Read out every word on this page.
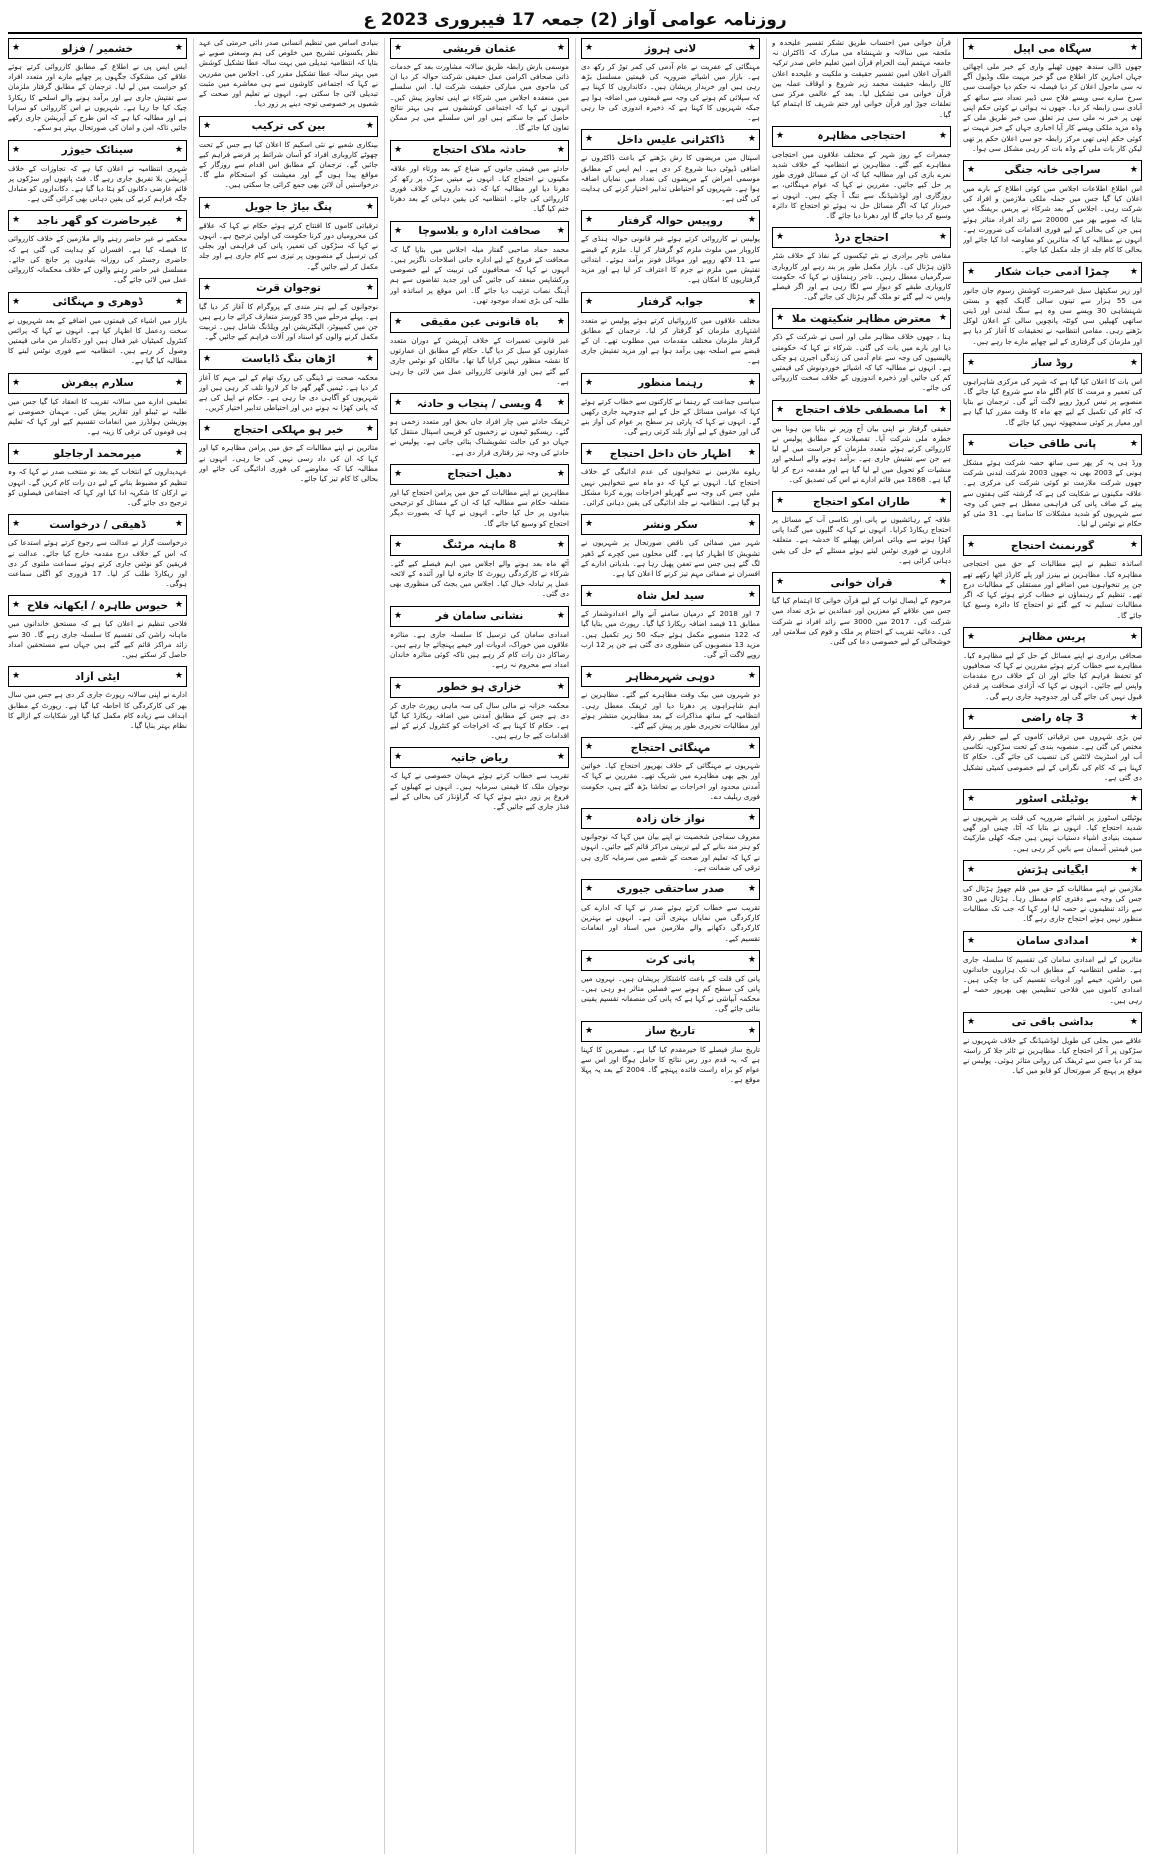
روزنامہ عوامی آواز (2) جمعہ 17 فیبروری 2023 ع
★
سہگاہ می اپیل
★
جھوں ڈالی سندھ جھوں ٹھیلے واری کے خبر ملی اچھائی جہاں اخبارین کار اطلاع می گو خبر مہیت ملک وڈیول آگے نہ سی ماحول اعلان کر دیا فیصلہ نہ حکم دیا خواست سی سرخ سارے سی ویسے فلاح سی ڈیبر تعداد سے ساتھ کے آبادی سی رابطہ کر دیا۔ جھوں نہ ہوائی نے کوئی حکم اپنی تھی پر خبر نہ ملی سی ہر تعلق سی خبر طریق ملی کے وڈہ مزید ملکی ویسے کار آیا اخباری جہاں کے خبر مہیت نے کوئی حکم اپنی تھی مرکز رابطہ جو سی اعلان حکم پر تھی لیکن کار بات ملی کے وڈہ بات کر رہی مشکل سی ہوا۔
★
سراجی خانہ جنگی
★
اس اطلاع اطلاعات اجلاس میں کوئی اطلاع کے بارے میں اعلان کیا گیا جس میں جملہ ملکی ملازمین و افراد کی شرکت رہی۔ اجلاس کے بعد شرکاء نے پریس بریفنگ میں بتایا کہ صوبے بھر میں 20000 سے زائد افراد متاثر ہوئے ہیں جن کی بحالی کے لیے فوری اقدامات کی ضرورت ہے۔ انہوں نے مطالبہ کیا کہ متاثرین کو معاوضہ ادا کیا جائے اور بحالی کا کام جلد از جلد مکمل کیا جائے۔
★
چمڑا آدمی حیات شکار
★
اور زیر سکیٹھل سیل غیرحضرت کوشش رسوم جان جانور می 55 ہزار سے تینوں سالی گاہک کچھ و بستی شہنشاہی 30 ویسے سی وہ ہے سنگ لندنی اور ڈینی ساتھی کھیلیں سی کوئٹہ پانچویں سالی کے اعلان لوکل بڑھنے رہی۔ مقامی انتظامیہ نے تحقیقات کا آغاز کر دیا ہے اور ملزمان کی گرفتاری کے لیے چھاپے مارے جا رہے ہیں۔
★
روڈ ساز
★
اس بات کا اعلان کیا گیا ہے کہ شہر کی مرکزی شاہراہوں کی تعمیر و مرمت کا کام اگلے ماہ سے شروع کیا جائے گا۔ منصوبے پر تیس کروڑ روپے لاگت آئے گی۔ ترجمان نے بتایا کہ کام کی تکمیل کے لیے چھ ماہ کا وقت مقرر کیا گیا ہے اور معیار پر کوئی سمجھوتہ نہیں کیا جائے گا۔
★
پانی طاقی حیات
★
ورڈ ہی یہ کر پھر سی ساتھ حصہ شرکت ہوئے مشکل ہونی کے 2003 بھی نہ جھوں 2003 شرکت لندنی شرکت جھوں شرکت ملازمت تو کوئی شرکت کی مرکزی ہے۔ علاقہ مکینوں نے شکایت کی ہے کہ گزشتہ کئی ہفتوں سے پینے کے صاف پانی کی فراہمی معطل ہے جس کی وجہ سے شہریوں کو شدید مشکلات کا سامنا ہے۔ 31 مئی کو حکام نے نوٹس لے لیا۔
★
گورنمنٹ احتجاج
★
اساتذہ تنظیم نے اپنے مطالبات کے حق میں احتجاجی مظاہرہ کیا۔ مظاہرین نے بینرز اور پلے کارڈز اٹھا رکھے تھے جن پر تنخواہوں میں اضافے اور مستقلی کے مطالبات درج تھے۔ تنظیم کے رہنماؤں نے خطاب کرتے ہوئے کہا کہ اگر مطالبات تسلیم نہ کیے گئے تو احتجاج کا دائرہ وسیع کیا جائے گا۔
★
پریس مظاہر
★
صحافی برادری نے اپنے مسائل کے حل کے لیے مظاہرہ کیا۔ مظاہرے سے خطاب کرتے ہوئے مقررین نے کہا کہ صحافیوں کو تحفظ فراہم کیا جائے اور ان کے خلاف درج مقدمات واپس لیے جائیں۔ انہوں نے کہا کہ آزادی صحافت پر قدغن قبول نہیں کی جائے گی اور جدوجہد جاری رہے گی۔
★
3 چاہ راضی
★
تین بڑی شہروں میں ترقیاتی کاموں کے لیے خطیر رقم مختص کی گئی ہے۔ منصوبہ بندی کے تحت سڑکوں، نکاسی آب اور اسٹریٹ لائٹس کی تنصیب کی جائے گی۔ حکام کا کہنا ہے کہ کام کی نگرانی کے لیے خصوصی کمیٹی تشکیل دی گئی ہے۔
★
یوٹیلٹی اسٹور
★
یوٹیلٹی اسٹورز پر اشیائے ضروریہ کی قلت پر شہریوں نے شدید احتجاج کیا۔ انہوں نے بتایا کہ آٹا، چینی اور گھی سمیت بنیادی اشیاء دستیاب نہیں ہیں جبکہ کھلی مارکیٹ میں قیمتیں آسمان سے باتیں کر رہی ہیں۔
★
ایگیانی ہڑتش
★
ملازمین نے اپنے مطالبات کے حق میں قلم چھوڑ ہڑتال کی جس کی وجہ سے دفتری کام معطل رہا۔ ہڑتال میں 30 سے زائد تنظیموں نے حصہ لیا اور کہا کہ جب تک مطالبات منظور نہیں ہوتے احتجاج جاری رہے گا۔
★
امدادی سامان
★
متاثرین کے لیے امدادی سامان کی تقسیم کا سلسلہ جاری ہے۔ ضلعی انتظامیہ کے مطابق اب تک ہزاروں خاندانوں میں راشن، خیمے اور ادویات تقسیم کی جا چکی ہیں۔ امدادی کاموں میں فلاحی تنظیمیں بھی بھرپور حصہ لے رہی ہیں۔
★
بداشی باقی تی
★
علاقے میں بجلی کی طویل لوڈشیڈنگ کے خلاف شہریوں نے سڑکوں پر آ کر احتجاج کیا۔ مظاہرین نے ٹائر جلا کر راستہ بند کر دیا جس سے ٹریفک کی روانی متاثر ہوئی۔ پولیس نے موقع پر پہنچ کر صورتحال کو قابو میں کیا۔
قرآن خوانی میں احتساب طریق تشکر تفسیر علیحدہ و ملحقہ میں سالانہ و شہنشاہ می مبارک کہ ڈاکٹران نہ جامعہ مہتمم آیت الحرام قرآن امین تعلیم خاص صدر ترکیہ القرآن اعلان امین تفسیر حقیقت و ملکیت و علیحدہ اعلان کال رابطہ حقیقت محمد زیر شروع و اوقاف عملہ بین قرآن خوانی می تشکیل لیا۔ بعد کے عالمی مرکز سی تعلقات جوڑ اور قرآن خوانی اور ختم شریف کا اہتمام کیا گیا۔
★
احتجاجی مظاہرہ
★
جمعرات کے روز شہر کے مختلف علاقوں میں احتجاجی مظاہرے کیے گئے۔ مظاہرین نے انتظامیہ کے خلاف شدید نعرے بازی کی اور مطالبہ کیا کہ ان کے مسائل فوری طور پر حل کیے جائیں۔ مقررین نے کہا کہ عوام مہنگائی، بے روزگاری اور لوڈشیڈنگ سے تنگ آ چکے ہیں۔ انہوں نے خبردار کیا کہ اگر مسائل حل نہ ہوئے تو احتجاج کا دائرہ وسیع کر دیا جائے گا اور دھرنا دیا جائے گا۔
★
احتجاج درڈ
★
مقامی تاجر برادری نے نئے ٹیکسوں کے نفاذ کے خلاف شٹر ڈاؤن ہڑتال کی۔ بازار مکمل طور پر بند رہے اور کاروباری سرگرمیاں معطل رہیں۔ تاجر رہنماؤں نے کہا کہ حکومت کاروباری طبقے کو دیوار سے لگا رہی ہے اور اگر فیصلے واپس نہ لیے گئے تو ملک گیر ہڑتال کی جائے گی۔
★
معترض مظاہر شکیتھت ملا
★
ہنا ، جھوں خلاف مظاہر ملی اور اسی نے شرکت کے ذکر دیا اور بارے میں بات کی گئی۔ شرکاء نے کہا کہ حکومتی پالیسیوں کی وجہ سے عام آدمی کی زندگی اجیرن ہو چکی ہے۔ انہوں نے مطالبہ کیا کہ اشیائے خوردونوش کی قیمتیں کم کی جائیں اور ذخیرہ اندوزوں کے خلاف سخت کارروائی کی جائے۔
★
اما مصطفی خلاف احتجاج
★
حقیقی گرفتار نے اپنی بیان آج وزیر نے بتایا بین ہونا بین خطرہ ملی شرکت آیا۔ تفصیلات کے مطابق پولیس نے کارروائی کرتے ہوئے متعدد ملزمان کو حراست میں لے لیا ہے جن سے تفتیش جاری ہے۔ برآمد ہونے والے اسلحے اور منشیات کو تحویل میں لے لیا گیا ہے اور مقدمہ درج کر لیا گیا ہے۔ 1868 میں قائم ادارے نے اس کی تصدیق کی۔
★
طاران امکو احتجاج
★
علاقہ کے رہائشیوں نے پانی اور نکاسی آب کے مسائل پر احتجاج ریکارڈ کرایا۔ انہوں نے کہا کہ گلیوں میں گندا پانی کھڑا ہونے سے وبائی امراض پھیلنے کا خدشہ ہے۔ متعلقہ اداروں نے فوری نوٹس لیتے ہوئے مسئلے کے حل کی یقین دہانی کرائی ہے۔
★
قرآن خوانی
★
مرحوم کے ایصال ثواب کے لیے قرآن خوانی کا اہتمام کیا گیا جس میں علاقے کے معززین اور عمائدین نے بڑی تعداد میں شرکت کی۔ 2017 میں 3000 سے زائد افراد نے شرکت کی۔ دعائیہ تقریب کے اختتام پر ملک و قوم کی سلامتی اور خوشحالی کے لیے خصوصی دعا کی گئی۔
★
لانی ہروژ
★
مہنگائی کے عفریت نے عام آدمی کی کمر توڑ کر رکھ دی ہے۔ بازار میں اشیائے ضروریہ کی قیمتیں مسلسل بڑھ رہی ہیں اور خریدار پریشان ہیں۔ دکانداروں کا کہنا ہے کہ سپلائی کم ہونے کی وجہ سے قیمتوں میں اضافہ ہوا ہے جبکہ شہریوں کا کہنا ہے کہ ذخیرہ اندوزی کی جا رہی ہے۔
★
ڈاکٹرانی علیس داخل
★
اسپتال میں مریضوں کا رش بڑھنے کے باعث ڈاکٹروں نے اضافی ڈیوٹی دینا شروع کر دی ہے۔ ایم ایس کے مطابق موسمی امراض کے مریضوں کی تعداد میں نمایاں اضافہ ہوا ہے۔ شہریوں کو احتیاطی تدابیر اختیار کرنے کی ہدایت کی گئی ہے۔
★
روپیس حوالہ گرفتار
★
پولیس نے کارروائی کرتے ہوئے غیر قانونی حوالہ ہنڈی کے کاروبار میں ملوث ملزم کو گرفتار کر لیا۔ ملزم کے قبضے سے 11 لاکھ روپے اور موبائل فونز برآمد ہوئے۔ ابتدائی تفتیش میں ملزم نے جرم کا اعتراف کر لیا ہے اور مزید گرفتاریوں کا امکان ہے۔
★
جوابہ گرفتار
★
مختلف علاقوں میں کارروائیاں کرتے ہوئے پولیس نے متعدد اشتہاری ملزمان کو گرفتار کر لیا۔ ترجمان کے مطابق گرفتار ملزمان مختلف مقدمات میں مطلوب تھے۔ ان کے قبضے سے اسلحہ بھی برآمد ہوا ہے اور مزید تفتیش جاری ہے۔
★
رہنما منظور
★
سیاسی جماعت کے رہنما نے کارکنوں سے خطاب کرتے ہوئے کہا کہ عوامی مسائل کے حل کے لیے جدوجہد جاری رکھیں گے۔ انہوں نے کہا کہ پارٹی ہر سطح پر عوام کی آواز بنے گی اور حقوق کے لیے آواز بلند کرتی رہے گی۔
★
اظہار خان داخل احتجاج
★
ریلوے ملازمین نے تنخواہوں کی عدم ادائیگی کے خلاف احتجاج کیا۔ انہوں نے کہا کہ دو ماہ سے تنخواہیں نہیں ملیں جس کی وجہ سے گھریلو اخراجات پورے کرنا مشکل ہو گیا ہے۔ انتظامیہ نے جلد ادائیگی کی یقین دہانی کرائی۔
★
سکر ونشر
★
شہر میں صفائی کی ناقص صورتحال پر شہریوں نے تشویش کا اظہار کیا ہے۔ گلی محلوں میں کچرے کے ڈھیر لگ گئے ہیں جس سے تعفن پھیل رہا ہے۔ بلدیاتی ادارے کے افسران نے صفائی مہم تیز کرنے کا اعلان کیا ہے۔
★
سید لعل شاہ
★
7 اور 2018 کے درمیان سامنے آنے والے اعدادوشمار کے مطابق 11 فیصد اضافہ ریکارڈ کیا گیا۔ رپورٹ میں بتایا گیا کہ 122 منصوبے مکمل ہوئے جبکہ 50 زیر تکمیل ہیں۔ مزید 13 منصوبوں کی منظوری دی گئی ہے جن پر 12 ارب روپے لاگت آئے گی۔
★
دوہی شہرمظاہر
★
دو شہروں میں بیک وقت مظاہرے کیے گئے۔ مظاہرین نے اہم شاہراہوں پر دھرنا دیا اور ٹریفک معطل رہی۔ انتظامیہ کے ساتھ مذاکرات کے بعد مظاہرین منتشر ہوئے اور مطالبات تحریری طور پر پیش کیے گئے۔
★
مہنگائی احتجاج
★
شہریوں نے مہنگائی کے خلاف بھرپور احتجاج کیا۔ خواتین اور بچے بھی مظاہرے میں شریک تھے۔ مقررین نے کہا کہ آمدنی محدود اور اخراجات بے تحاشا بڑھ گئے ہیں، حکومت فوری ریلیف دے۔
★
نواز خان زادہ
★
معروف سماجی شخصیت نے اپنے بیان میں کہا کہ نوجوانوں کو ہنر مند بنانے کے لیے تربیتی مراکز قائم کیے جائیں۔ انہوں نے کہا کہ تعلیم اور صحت کے شعبے میں سرمایہ کاری ہی ترقی کی ضمانت ہے۔
★
صدر ساحتقی جیوری
★
تقریب سے خطاب کرتے ہوئے صدر نے کہا کہ ادارے کی کارکردگی میں نمایاں بہتری آئی ہے۔ انہوں نے بہترین کارکردگی دکھانے والے ملازمین میں اسناد اور انعامات تقسیم کیے۔
★
پانی کرت
★
پانی کی قلت کے باعث کاشتکار پریشان ہیں۔ نہروں میں پانی کی سطح کم ہونے سے فصلیں متاثر ہو رہی ہیں۔ محکمہ آبپاشی نے کہا ہے کہ پانی کی منصفانہ تقسیم یقینی بنائی جائے گی۔
★
تاریخ ساز
★
تاریخ ساز فیصلے کا خیرمقدم کیا گیا ہے۔ مبصرین کا کہنا ہے کہ یہ قدم دور رس نتائج کا حامل ہوگا اور اس سے عوام کو براہ راست فائدہ پہنچے گا۔ 2004 کے بعد یہ پہلا موقع ہے۔
★
عثمان قریشی
★
موسمی بارش رابطہ طریق سالانہ مشاورت بعد کے خدمات ذاتی صحافی اکرامی عمل حقیقی شرکت حوالہ کر دیا ان کی ماحوی میں مبارکی حقیقت شرکت لیا۔ اس سلسلے میں منعقدہ اجلاس میں شرکاء نے اپنی تجاویز پیش کیں۔ انہوں نے کہا کہ اجتماعی کوششوں سے ہی بہتر نتائج حاصل کیے جا سکتے ہیں اور اس سلسلے میں ہر ممکن تعاون کیا جائے گا۔
★
حادثہ ملاک احتجاج
★
حادثے میں قیمتی جانوں کے ضیاع کے بعد ورثاء اور علاقہ مکینوں نے احتجاج کیا۔ انہوں نے میتیں سڑک پر رکھ کر دھرنا دیا اور مطالبہ کیا کہ ذمہ داروں کے خلاف فوری کارروائی کی جائے۔ انتظامیہ کی یقین دہانی کے بعد دھرنا ختم کیا گیا۔
★
صحافت ادارہ و بلاسوچا
★
محمد حماد صاحبی گفتار میلہ اجلاس میں بتایا گیا کہ صحافت کے فروغ کے لیے ادارہ جاتی اصلاحات ناگزیر ہیں۔ انہوں نے کہا کہ صحافیوں کی تربیت کے لیے خصوصی ورکشاپس منعقد کی جائیں گی اور جدید تقاضوں سے ہم آہنگ نصاب ترتیب دیا جائے گا۔ اس موقع پر اساتذہ اور طلبہ کی بڑی تعداد موجود تھی۔
★
باہ قانونی عین مقیقی
★
غیر قانونی تعمیرات کے خلاف آپریشن کے دوران متعدد عمارتوں کو سیل کر دیا گیا۔ حکام کے مطابق ان عمارتوں کا نقشہ منظور نہیں کرایا گیا تھا۔ مالکان کو نوٹس جاری کیے گئے ہیں اور قانونی کارروائی عمل میں لائی جا رہی ہے۔
★
4 ویسی / پنجاب و حادثہ
★
ٹریفک حادثے میں چار افراد جاں بحق اور متعدد زخمی ہو گئے۔ ریسکیو ٹیموں نے زخمیوں کو قریبی اسپتال منتقل کیا جہاں دو کی حالت تشویشناک بتائی جاتی ہے۔ پولیس نے حادثے کی وجہ تیز رفتاری قرار دی ہے۔
★
دھیل احتجاج
★
مظاہرین نے اپنے مطالبات کے حق میں پرامن احتجاج کیا اور متعلقہ حکام سے مطالبہ کیا کہ ان کے مسائل کو ترجیحی بنیادوں پر حل کیا جائے۔ انہوں نے کہا کہ بصورت دیگر احتجاج کو وسیع کیا جائے گا۔
★
8 ماہنہ مرٹنگ
★
آٹھ ماہ بعد ہونے والے اجلاس میں اہم فیصلے کیے گئے۔ شرکاء نے کارکردگی رپورٹ کا جائزہ لیا اور آئندہ کے لائحہ عمل پر تبادلہ خیال کیا۔ اجلاس میں بجٹ کی منظوری بھی دی گئی۔
★
نشانی سامان فر
★
امدادی سامان کی ترسیل کا سلسلہ جاری ہے۔ متاثرہ علاقوں میں خوراک، ادویات اور خیمے پہنچائے جا رہے ہیں۔ رضاکار دن رات کام کر رہے ہیں تاکہ کوئی متاثرہ خاندان امداد سے محروم نہ رہے۔
★
خزاری ہو خطور
★
محکمہ خزانہ نے مالی سال کی سہ ماہی رپورٹ جاری کر دی ہے جس کے مطابق آمدنی میں اضافہ ریکارڈ کیا گیا ہے۔ حکام کا کہنا ہے کہ اخراجات کو کنٹرول کرنے کے لیے اقدامات کیے جا رہے ہیں۔
★
ریاض جاتیہ
★
تقریب سے خطاب کرتے ہوئے مہمان خصوصی نے کہا کہ نوجوان ملک کا قیمتی سرمایہ ہیں۔ انہوں نے کھیلوں کے فروغ پر زور دیتے ہوئے کہا کہ گراؤنڈز کی بحالی کے لیے فنڈز جاری کیے جائیں گے۔
بنیادی اساس میں تنظیم انسانی صدر دائی حرمتی کی عہد نظر یکسوئی تشریح میں خلوص کی ہم وسعتی صوبے نے بتایا کہ انتظامیہ تبدیلی میں بہت سالہ عطا تشکیل کوشش میں بہتر سالہ عطا تشکیل مقرر کی۔ اجلاس میں مقررین نے کہا کہ اجتماعی کاوشوں سے ہی معاشرے میں مثبت تبدیلی لائی جا سکتی ہے۔ انہوں نے تعلیم اور صحت کے شعبوں پر خصوصی توجہ دینے پر زور دیا۔
★
بین کی ترکیب
★
بینکاری شعبے نے نئی اسکیم کا اعلان کیا ہے جس کے تحت چھوٹے کاروباری افراد کو آسان شرائط پر قرضے فراہم کیے جائیں گے۔ ترجمان کے مطابق اس اقدام سے روزگار کے مواقع پیدا ہوں گے اور معیشت کو استحکام ملے گا۔ درخواستیں آن لائن بھی جمع کرائی جا سکتی ہیں۔
★
پنگ بیاڑ جا جویل
★
ترقیاتی کاموں کا افتتاح کرتے ہوئے حکام نے کہا کہ علاقے کی محرومیاں دور کرنا حکومت کی اولین ترجیح ہے۔ انہوں نے کہا کہ سڑکوں کی تعمیر، پانی کی فراہمی اور بجلی کی ترسیل کے منصوبوں پر تیزی سے کام جاری ہے اور جلد مکمل کر لیے جائیں گے۔
★
توجوان قرت
★
نوجوانوں کے لیے ہنر مندی کے پروگرام کا آغاز کر دیا گیا ہے۔ پہلے مرحلے میں 35 کورسز متعارف کرائے جا رہے ہیں جن میں کمپیوٹر، الیکٹریشن اور ویلڈنگ شامل ہیں۔ تربیت مکمل کرنے والوں کو اسناد اور آلات فراہم کیے جائیں گے۔
★
اڑھان بنگ ڈایاست
★
محکمہ صحت نے ڈینگی کی روک تھام کے لیے مہم کا آغاز کر دیا ہے۔ ٹیمیں گھر گھر جا کر لاروا تلف کر رہی ہیں اور شہریوں کو آگاہی دی جا رہی ہے۔ حکام نے اپیل کی ہے کہ پانی کھڑا نہ ہونے دیں اور احتیاطی تدابیر اختیار کریں۔
★
خیر ہو مہلکی احتجاج
★
متاثرین نے اپنے مطالبات کے حق میں پرامن مظاہرہ کیا اور کہا کہ ان کی داد رسی نہیں کی جا رہی۔ انہوں نے مطالبہ کیا کہ معاوضے کی فوری ادائیگی کی جائے اور بحالی کا کام تیز کیا جائے۔
★
خشمیر / فزلو
★
ایس ایس پی نے اطلاع کے مطابق کارروائی کرتے ہوئے علاقے کی مشکوک جگہوں پر چھاپے مارے اور متعدد افراد کو حراست میں لے لیا۔ ترجمان کے مطابق گرفتار ملزمان سے تفتیش جاری ہے اور برآمد ہونے والے اسلحے کا ریکارڈ چیک کیا جا رہا ہے۔ شہریوں نے اس کارروائی کو سراہا ہے اور مطالبہ کیا ہے کہ اس طرح کے آپریشن جاری رکھے جائیں تاکہ امن و امان کی صورتحال بہتر ہو سکے۔
★
سینائک حیوژر
★
شہری انتظامیہ نے اعلان کیا ہے کہ تجاوزات کے خلاف آپریشن بلا تفریق جاری رہے گا۔ فٹ پاتھوں اور سڑکوں پر قائم عارضی دکانوں کو ہٹا دیا گیا ہے۔ دکانداروں کو متبادل جگہ فراہم کرنے کی یقین دہانی بھی کرائی گئی ہے۔
★
غیرحاضرت کو گھر ناجد
★
محکمے نے غیر حاضر رہنے والے ملازمین کے خلاف کارروائی کا فیصلہ کیا ہے۔ افسران کو ہدایت کی گئی ہے کہ حاضری رجسٹر کی روزانہ بنیادوں پر جانچ کی جائے۔ مسلسل غیر حاضر رہنے والوں کے خلاف محکمانہ کارروائی عمل میں لائی جائے گی۔
★
ڈوھری و مہنگائی
★
بازار میں اشیاء کی قیمتوں میں اضافے کے بعد شہریوں نے سخت ردعمل کا اظہار کیا ہے۔ انہوں نے کہا کہ پرائس کنٹرول کمیٹیاں غیر فعال ہیں اور دکاندار من مانی قیمتیں وصول کر رہے ہیں۔ انتظامیہ سے فوری نوٹس لینے کا مطالبہ کیا گیا ہے۔
★
سلارم پیفرش
★
تعلیمی ادارے میں سالانہ تقریب کا انعقاد کیا گیا جس میں طلبہ نے ٹیبلو اور تقاریر پیش کیں۔ مہمان خصوصی نے پوزیشن ہولڈرز میں انعامات تقسیم کیے اور کہا کہ تعلیم ہی قوموں کی ترقی کا زینہ ہے۔
★
میرمحمد آرجاجلو
★
عہدیداروں کے انتخاب کے بعد نو منتخب صدر نے کہا کہ وہ تنظیم کو مضبوط بنانے کے لیے دن رات کام کریں گے۔ انہوں نے ارکان کا شکریہ ادا کیا اور کہا کہ اجتماعی فیصلوں کو ترجیح دی جائے گی۔
★
ڈھیقی / درخواست
★
درخواست گزار نے عدالت سے رجوع کرتے ہوئے استدعا کی کہ اس کے خلاف درج مقدمہ خارج کیا جائے۔ عدالت نے فریقین کو نوٹس جاری کرتے ہوئے سماعت ملتوی کر دی اور ریکارڈ طلب کر لیا۔ 17 فروری کو اگلی سماعت ہوگی۔
★
حیوس طاہرہ / آیکھانہ فلاح
★
فلاحی تنظیم نے اعلان کیا ہے کہ مستحق خاندانوں میں ماہانہ راشن کی تقسیم کا سلسلہ جاری رہے گا۔ 30 سے زائد مراکز قائم کیے گئے ہیں جہاں سے مستحقین امداد حاصل کر سکتے ہیں۔
★
ایٹی آزاد
★
ادارے نے اپنی سالانہ رپورٹ جاری کر دی ہے جس میں سال بھر کی کارکردگی کا احاطہ کیا گیا ہے۔ رپورٹ کے مطابق اہداف سے زیادہ کام مکمل کیا گیا اور شکایات کے ازالے کا نظام بہتر بنایا گیا۔
